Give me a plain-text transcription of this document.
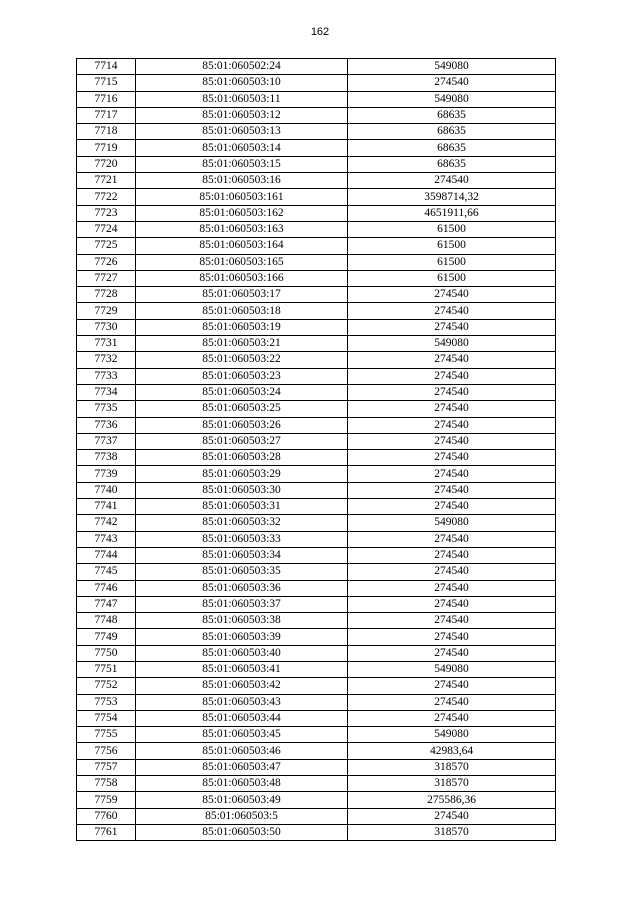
162
7714	85:01:060502:24	549080
7715	85:01:060503:10	274540
7716	85:01:060503:11	549080
7717	85:01:060503:12	68635
7718	85:01:060503:13	68635
7719	85:01:060503:14	68635
7720	85:01:060503:15	68635
7721	85:01:060503:16	274540
7722	85:01:060503:161	3598714,32
7723	85:01:060503:162	4651911,66
7724	85:01:060503:163	61500
7725	85:01:060503:164	61500
7726	85:01:060503:165	61500
7727	85:01:060503:166	61500
7728	85:01:060503:17	274540
7729	85:01:060503:18	274540
7730	85:01:060503:19	274540
7731	85:01:060503:21	549080
7732	85:01:060503:22	274540
7733	85:01:060503:23	274540
7734	85:01:060503:24	274540
7735	85:01:060503:25	274540
7736	85:01:060503:26	274540
7737	85:01:060503:27	274540
7738	85:01:060503:28	274540
7739	85:01:060503:29	274540
7740	85:01:060503:30	274540
7741	85:01:060503:31	274540
7742	85:01:060503:32	549080
7743	85:01:060503:33	274540
7744	85:01:060503:34	274540
7745	85:01:060503:35	274540
7746	85:01:060503:36	274540
7747	85:01:060503:37	274540
7748	85:01:060503:38	274540
7749	85:01:060503:39	274540
7750	85:01:060503:40	274540
7751	85:01:060503:41	549080
7752	85:01:060503:42	274540
7753	85:01:060503:43	274540
7754	85:01:060503:44	274540
7755	85:01:060503:45	549080
7756	85:01:060503:46	42983,64
7757	85:01:060503:47	318570
7758	85:01:060503:48	318570
7759	85:01:060503:49	275586,36
7760	85:01:060503:5	274540
7761	85:01:060503:50	318570
